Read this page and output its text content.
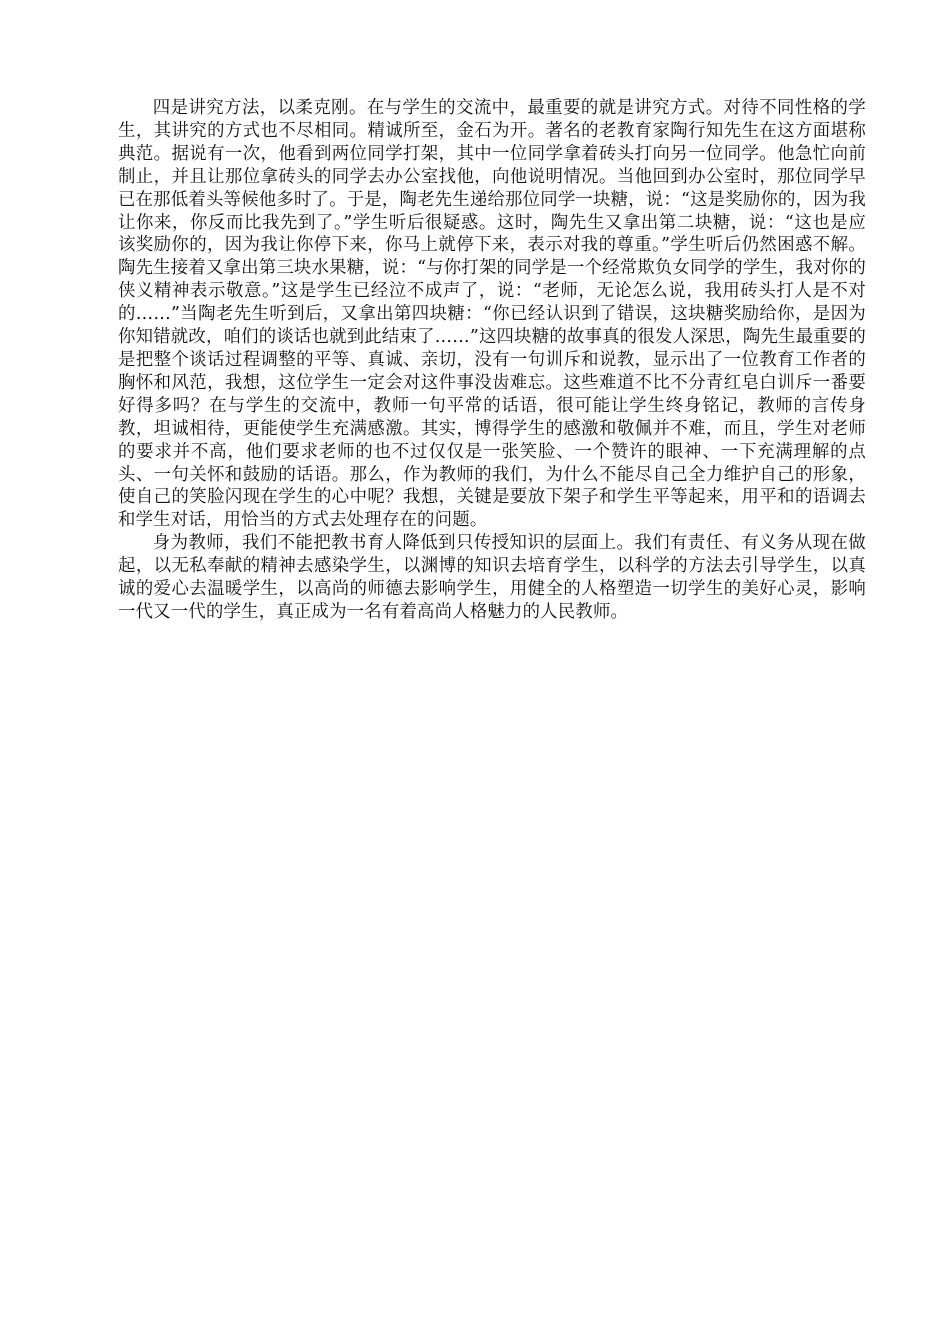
四是讲究方法，以柔克刚。在与学生的交流中，最重要的就是讲究方式。对待不同性格的学生，其讲究的方式也不尽相同。精诚所至，金石为开。著名的老教育家陶行知先生在这方面堪称典范。据说有一次，他看到两位同学打架，其中一位同学拿着砖头打向另一位同学。他急忙向前制止，并且让那位拿砖头的同学去办公室找他，向他说明情况。当他回到办公室时，那位同学早已在那低着头等候他多时了。于是，陶老先生递给那位同学一块糖，说：“这是奖励你的，因为我让你来，你反而比我先到了。”学生听后很疑惑。这时，陶先生又拿出第二块糖，说：“这也是应该奖励你的，因为我让你停下来，你马上就停下来，表示对我的尊重。”学生听后仍然困惑不解。陶先生接着又拿出第三块水果糖，说：“与你打架的同学是一个经常欺负女同学的学生，我对你的侠义精神表示敬意。”这是学生已经泣不成声了，说：“老师，无论怎么说，我用砖头打人是不对的……”当陶老先生听到后，又拿出第四块糖：“你已经认识到了错误，这块糖奖励给你，是因为你知错就改，咱们的谈话也就到此结束了……”这四块糖的故事真的很发人深思，陶先生最重要的是把整个谈话过程调整的平等、真诚、亲切，没有一句训斥和说教，显示出了一位教育工作者的胸怀和风范，我想，这位学生一定会对这件事没齿难忘。这些难道不比不分青红皂白训斥一番要好得多吗？在与学生的交流中，教师一句平常的话语，很可能让学生终身铭记，教师的言传身教，坦诚相待，更能使学生充满感激。其实，博得学生的感激和敬佩并不难，而且，学生对老师的要求并不高，他们要求老师的也不过仅仅是一张笑脸、一个赞许的眼神、一下充满理解的点头、一句关怀和鼓励的话语。那么，作为教师的我们，为什么不能尽自己全力维护自己的形象，使自己的笑脸闪现在学生的心中呢？我想，关键是要放下架子和学生平等起来，用平和的语调去和学生对话，用恰当的方式去处理存在的问题。

身为教师，我们不能把教书育人降低到只传授知识的层面上。我们有责任、有义务从现在做起，以无私奉献的精神去感染学生，以渊博的知识去培育学生，以科学的方法去引导学生，以真诚的爱心去温暖学生，以高尚的师德去影响学生，用健全的人格塑造一切学生的美好心灵，影响一代又一代的学生，真正成为一名有着高尚人格魅力的人民教师。
